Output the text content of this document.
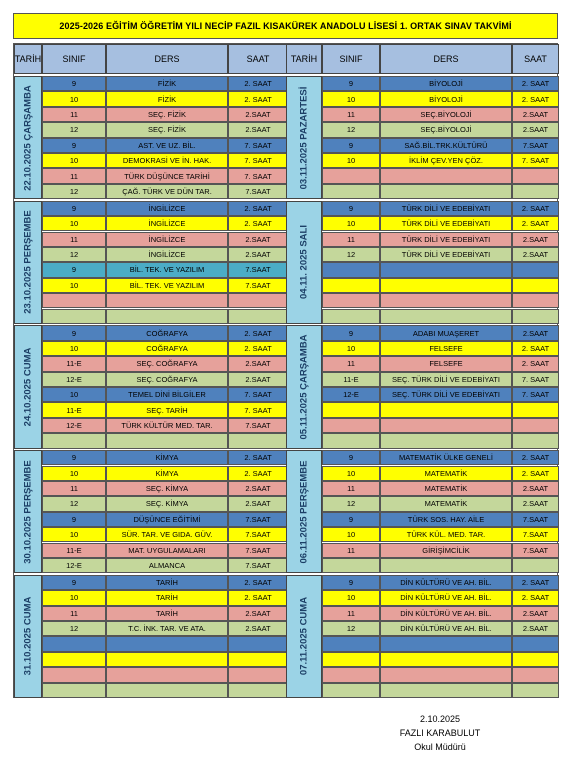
2025-2026 EĞİTİM ÖĞRETİM YILI NECİP FAZIL KISAKÜREK ANADOLU LİSESİ 1. ORTAK SINAV TAKVİMİ
TARİH	SINIF	DERS	SAAT
22.10.2025 ÇARŞAMBA
9	FİZİK	2. SAAT
10	FİZİK	2. SAAT
11	SEÇ. FİZİK	2.SAAT
12	SEÇ. FİZİK	2.SAAT
9	AST. VE UZ. BİL.	7. SAAT
10	DEMOKRASİ VE İN. HAK.	7. SAAT
11	TÜRK DÜŞÜNCE TARİHİ	7. SAAT
12	ÇAĞ. TÜRK VE DÜN TAR.	7.SAAT
23.10.2025 PERŞEMBE
9	İNGİLİZCE	2. SAAT
10	İNGİLİZCE	2. SAAT
11	İNGİLİZCE	2.SAAT
12	İNGİLİZCE	2.SAAT
9	BİL. TEK. VE YAZILIM	7.SAAT
10	BİL. TEK. VE YAZILIM	7.SAAT
24.10.2025 CUMA
9	COĞRAFYA	2. SAAT
10	COĞRAFYA	2. SAAT
11-E	SEÇ. COĞRAFYA	2.SAAT
12-E	SEÇ. COĞRAFYA	2.SAAT
10	TEMEL DİNİ BİLGİLER	7. SAAT
11-E	SEÇ. TARİH	7. SAAT
12-E	TÜRK KÜLTÜR MED. TAR.	7.SAAT
30.10.2025 PERŞEMBE
9	KİMYA	2. SAAT
10	KİMYA	2. SAAT
11	SEÇ. KİMYA	2.SAAT
12	SEÇ. KİMYA	2.SAAT
9	DÜŞÜNCE EĞİTİMİ	7.SAAT
10	SÜR. TAR. VE GIDA. GÜV.	7.SAAT
11-E	MAT. UYGULAMALARI	7.SAAT
12-E	ALMANCA	7.SAAT
31.10.2025 CUMA
9	TARİH	2. SAAT
10	TARİH	2. SAAT
11	TARİH	2.SAAT
12	T.C. İNK. TAR. VE ATA.	2.SAAT
TARİH	SINIF	DERS	SAAT
03.11.2025 PAZARTESİ
9	BİYOLOJİ	2. SAAT
10	BİYOLOJİ	2. SAAT
11	SEÇ.BİYOLOJİ	2.SAAT
12	SEÇ.BİYOLOJİ	2.SAAT
9	SAĞ.BİL.TRK.KÜLTÜRÜ	7.SAAT
10	İKLİM ÇEV.YEN ÇÖZ.	7. SAAT
04.11. 2025 SALI
9	TÜRK DİLİ VE EDEBİYATI	2. SAAT
10	TÜRK DİLİ VE EDEBİYATI	2. SAAT
11	TÜRK DİLİ VE EDEBİYATI	2.SAAT
12	TÜRK DİLİ VE EDEBİYATI	2.SAAT
05.11.2025 ÇARŞAMBA
9	ADABI MUAŞERET	2.SAAT
10	FELSEFE	2. SAAT
11	FELSEFE	2. SAAT
11-E	SEÇ. TÜRK DİLİ VE EDEBİYATI	7. SAAT
12-E	SEÇ. TÜRK DİLİ VE EDEBİYATI	7. SAAT
06.11.2025 PERŞEMBE
9	MATEMATİK ÜLKE GENELİ	2. SAAT
10	MATEMATİK	2. SAAT
11	MATEMATİK	2.SAAT
12	MATEMATİK	2.SAAT
9	TÜRK SOS. HAY. AİLE	7.SAAT
10	TÜRK KÜL. MED. TAR.	7.SAAT
11	GİRİŞİMCİLİK	7.SAAT
07.11.2025 CUMA
9	DİN KÜLTÜRÜ VE AH. BİL.	2. SAAT
10	DİN KÜLTÜRÜ VE AH. BİL.	2. SAAT
11	DİN KÜLTÜRÜ VE AH. BİL.	2.SAAT
12	DİN KÜLTÜRÜ VE AH. BİL.	2.SAAT
2.10.2025
FAZLI KARABULUT
Okul Müdürü
